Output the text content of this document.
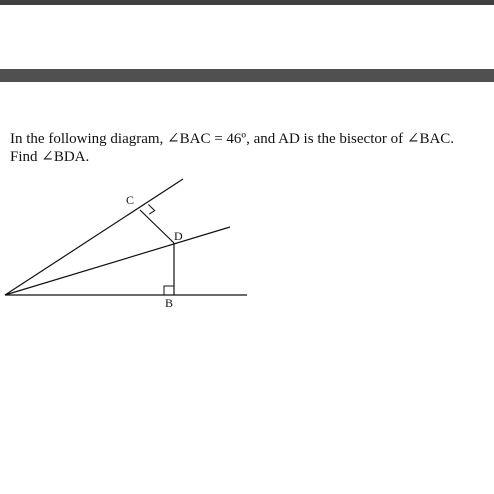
In the following diagram, ∠BAC = 46º, and AD is the bisector of ∠BAC.
Find ∠BDA.
C
D
B
